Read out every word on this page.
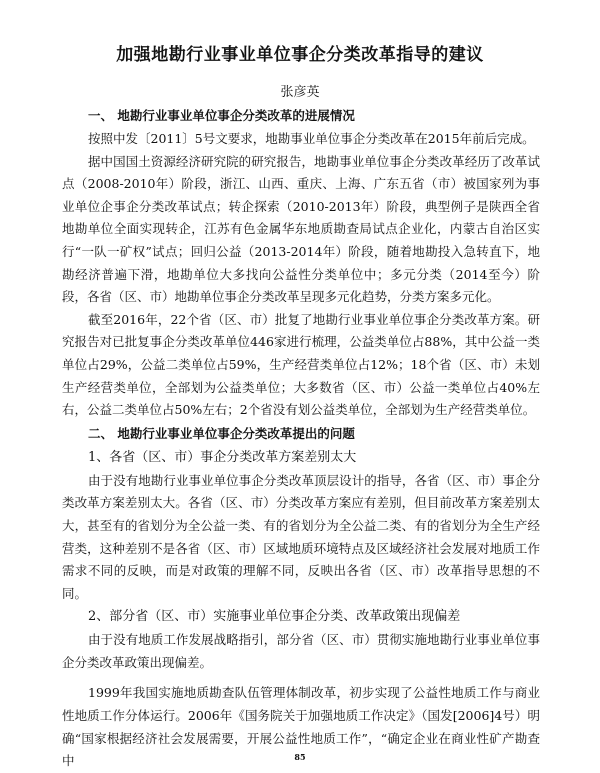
加强地勘行业事业单位事企分类改革指导的建议
张彦英
一、 地勘行业事业单位事企分类改革的进展情况
按照中发〔2011〕5号文要求，地勘事业单位事企分类改革在2015年前后完成。
据中国国土资源经济研究院的研究报告，地勘事业单位事企分类改革经历了改革试点（2008-2010年）阶段，浙江、山西、重庆、上海、广东五省（市）被国家列为事业单位企事企分类改革试点；转企探索（2010-2013年）阶段，典型例子是陕西全省地勘单位全面实现转企，江苏有色金属华东地质勘查局试点企业化，内蒙古自治区实行“一队一矿权”试点；回归公益（2013-2014年）阶段，随着地勘投入急转直下，地勘经济普遍下滑，地勘单位大多找向公益性分类单位中；多元分类（2014至今）阶段，各省（区、市）地勘单位事企分类改革呈现多元化趋势，分类方案多元化。
截至2016年，22个省（区、市）批复了地勘行业事业单位事企分类改革方案。研究报告对已批复事企分类改革单位446家进行梳理，公益类单位占88%，其中公益一类单位占29%，公益二类单位占59%，生产经营类单位占12%；18个省（区、市）未划生产经营类单位，全部划为公益类单位；大多数省（区、市）公益一类单位占40%左右，公益二类单位占50%左右；2个省没有划公益类单位，全部划为生产经营类单位。
二、 地勘行业事业单位事企分类改革提出的问题
1、各省（区、市）事企分类改革方案差别太大
由于没有地勘行业事业单位事企分类改革顶层设计的指导，各省（区、市）事企分类改革方案差别太大。各省（区、市）分类改革方案应有差别，但目前改革方案差别太大，甚至有的省划分为全公益一类、有的省划分为全公益二类、有的省划分为全生产经营类，这种差别不是各省（区、市）区域地质环境特点及区域经济社会发展对地质工作需求不同的反映，而是对政策的理解不同，反映出各省（区、市）改革指导思想的不同。
2、部分省（区、市）实施事业单位事企分类、改革政策出现偏差
由于没有地质工作发展战略指引，部分省（区、市）贯彻实施地勘行业事业单位事企分类改革政策出现偏差。
1999年我国实施地质勘查队伍管理体制改革，初步实现了公益性地质工作与商业性地质工作分体运行。2006年《国务院关于加强地质工作决定》（国发[2006]4号）明确“国家根据经济社会发展需要，开展公益性地质工作”，“确定企业在商业性矿产勘查中	85
